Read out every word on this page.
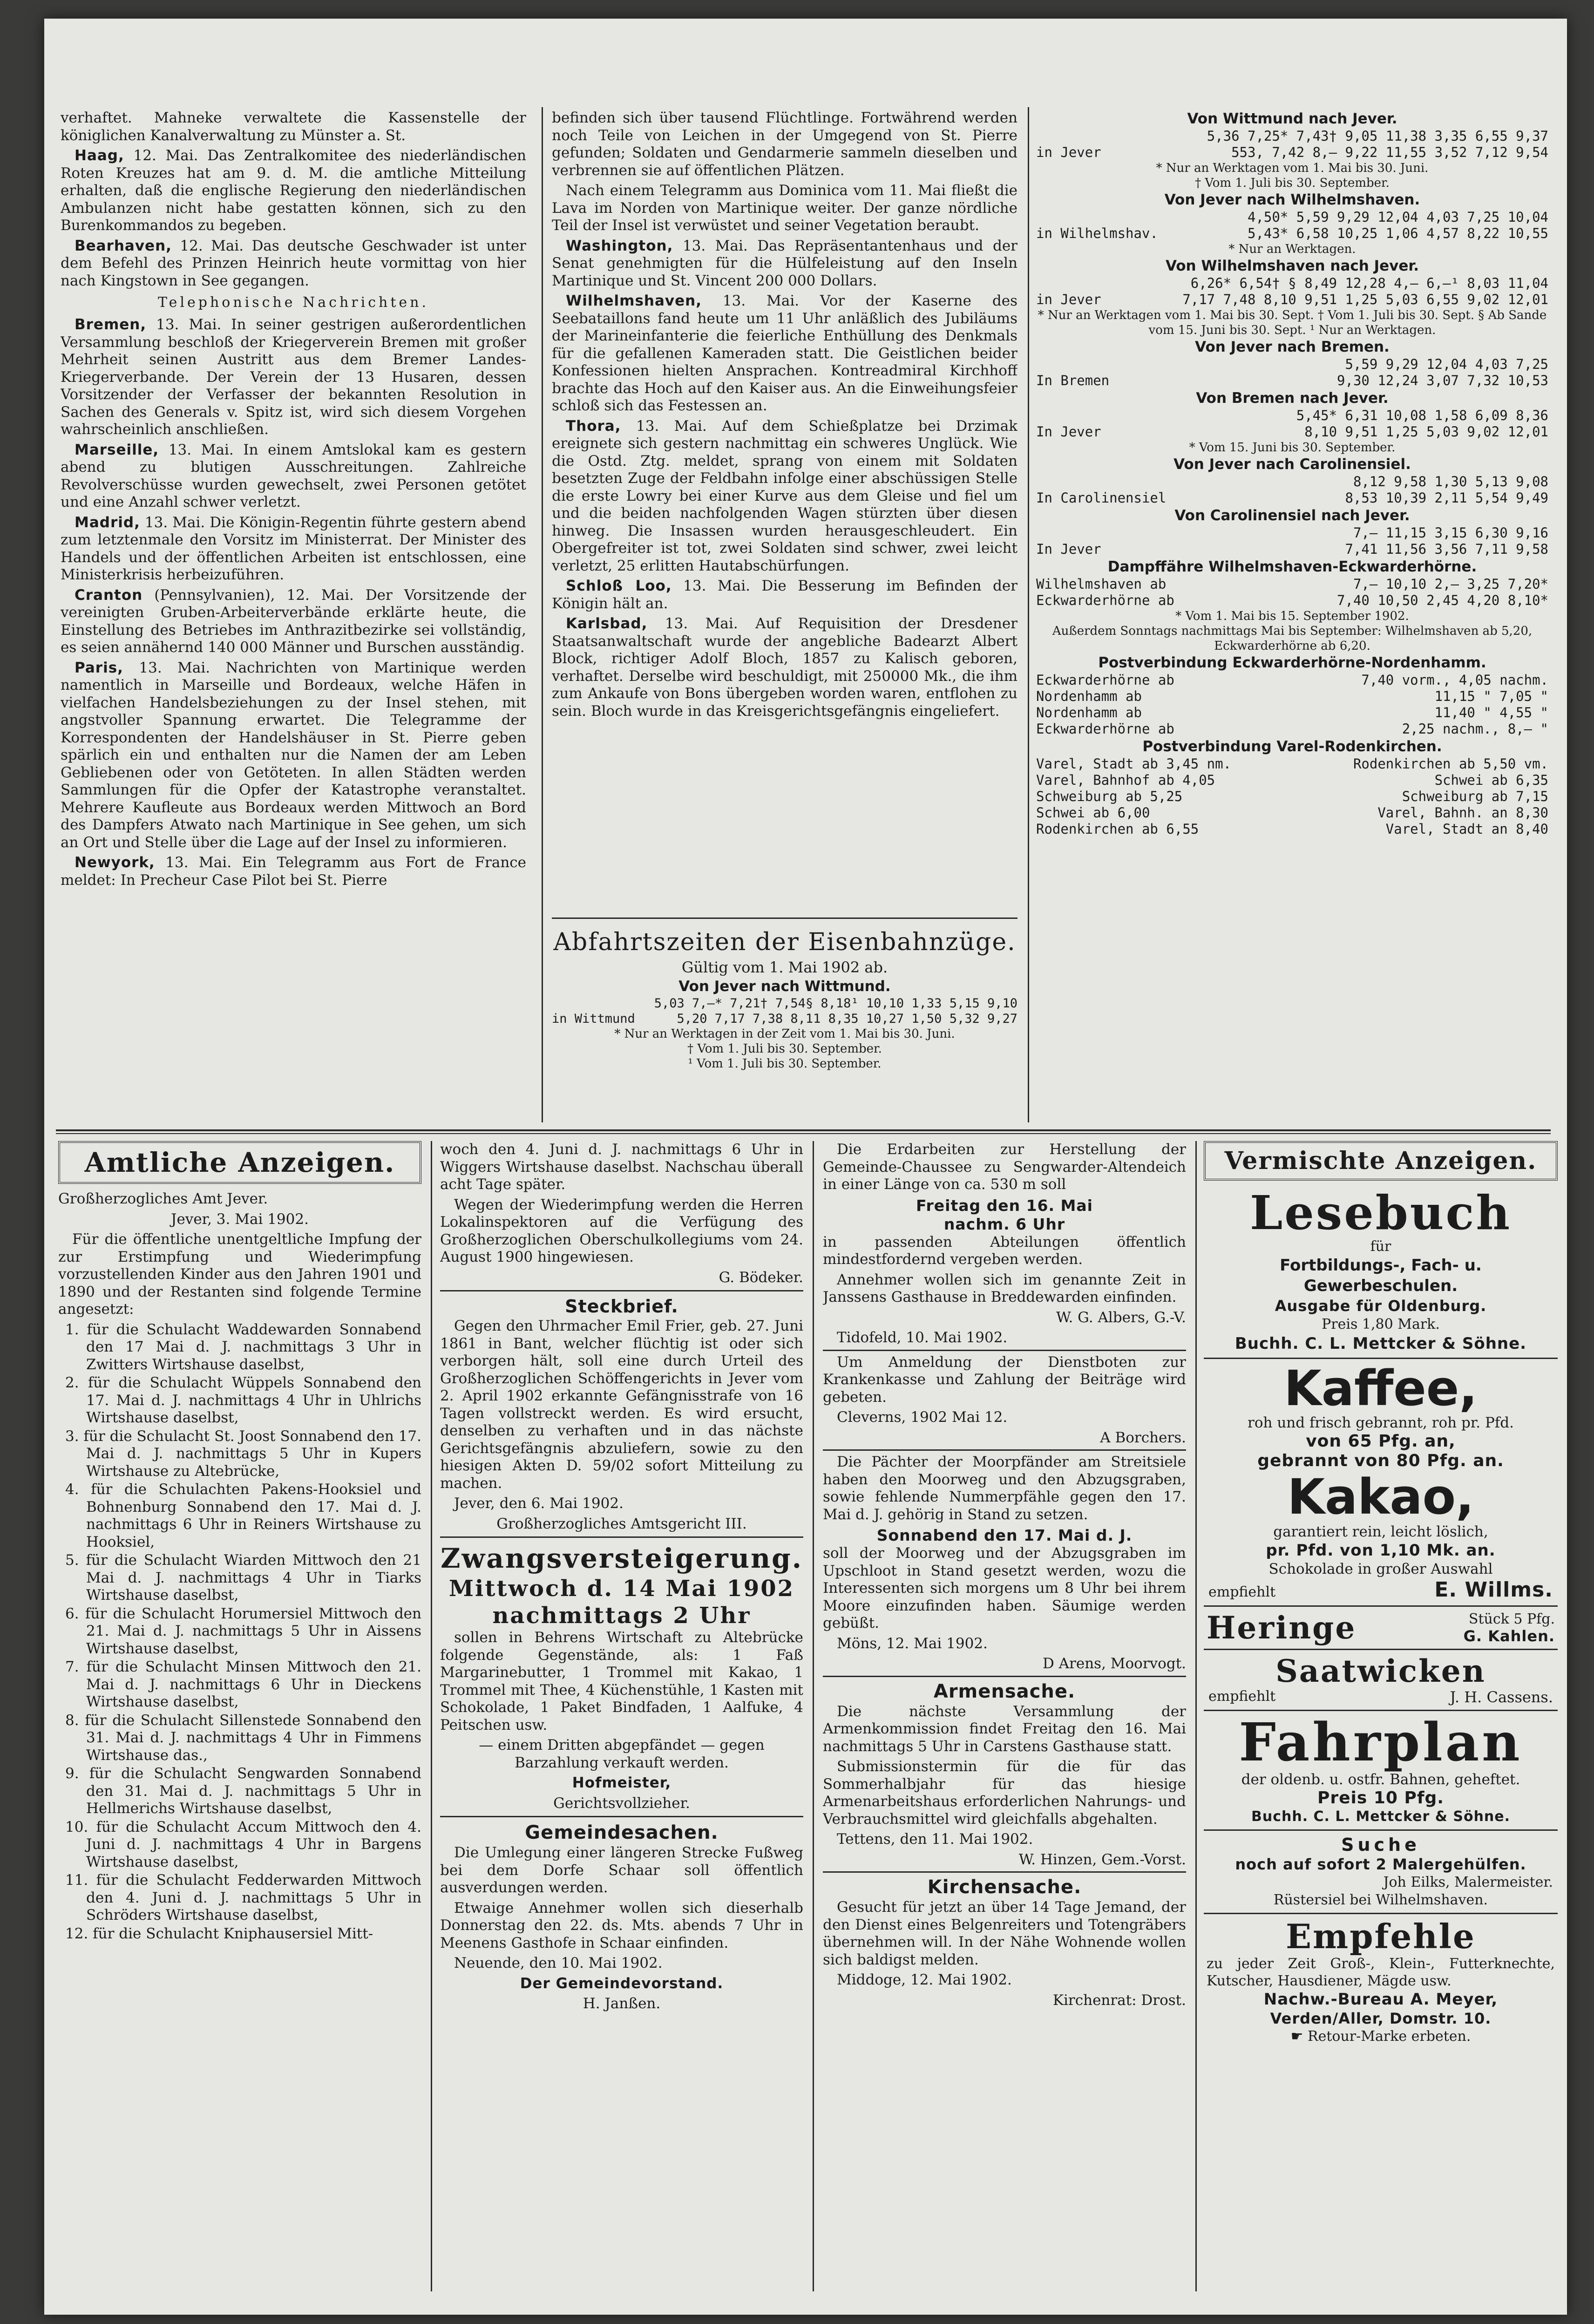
verhaftet. Mahneke verwaltete die Kassenstelle der königlichen Kanalverwaltung zu Münster a. St.

Haag, 12. Mai. Das Zentralkomitee des niederländischen Roten Kreuzes hat am 9. d. M. die amtliche Mitteilung erhalten, daß die englische Regierung den niederländischen Ambulanzen nicht habe gestatten können, sich zu den Burenkommandos zu begeben.

Bearhaven, 12. Mai. Das deutsche Geschwader ist unter dem Befehl des Prinzen Heinrich heute vormittag von hier nach Kingstown in See gegangen.

Telephonische Nachrichten.

Bremen, 13. Mai. In seiner gestrigen außerordentlichen Versammlung beschloß der Kriegerverein Bremen mit großer Mehrheit seinen Austritt aus dem Bremer Landes-Kriegerverbande. Der Verein der 13 Husaren, dessen Vorsitzender der Verfasser der bekannten Resolution in Sachen des Generals v. Spitz ist, wird sich diesem Vorgehen wahrscheinlich anschließen.

Marseille, 13. Mai. In einem Amtslokal kam es gestern abend zu blutigen Ausschreitungen. Zahlreiche Revolverschüsse wurden gewechselt, zwei Personen getötet und eine Anzahl schwer verletzt.

Madrid, 13. Mai. Die Königin-Regentin führte gestern abend zum letztenmale den Vorsitz im Ministerrat. Der Minister des Handels und der öffentlichen Arbeiten ist entschlossen, eine Ministerkrisis herbeizuführen.

Cranton (Pennsylvanien), 12. Mai. Der Vorsitzende der vereinigten Gruben-Arbeiterverbände erklärte heute, die Einstellung des Betriebes im Anthrazitbezirke sei vollständig, es seien annähernd 140 000 Männer und Burschen ausständig.

Paris, 13. Mai. Nachrichten von Martinique werden namentlich in Marseille und Bordeaux, welche Häfen in vielfachen Handelsbeziehungen zu der Insel stehen, mit angstvoller Spannung erwartet. Die Telegramme der Korrespondenten der Handelshäuser in St. Pierre geben spärlich ein und enthalten nur die Namen der am Leben Gebliebenen oder von Getöteten. In allen Städten werden Sammlungen für die Opfer der Katastrophe veranstaltet. Mehrere Kaufleute aus Bordeaux werden Mittwoch an Bord des Dampfers Atwato nach Martinique in See gehen, um sich an Ort und Stelle über die Lage auf der Insel zu informieren.

Newyork, 13. Mai. Ein Telegramm aus Fort de France meldet: In Precheur Case Pilot bei St. Pierre

befinden sich über tausend Flüchtlinge. Fortwährend werden noch Teile von Leichen in der Umgegend von St. Pierre gefunden; Soldaten und Gendarmerie sammeln dieselben und verbrennen sie auf öffentlichen Plätzen.

Nach einem Telegramm aus Dominica vom 11. Mai fließt die Lava im Norden von Martinique weiter. Der ganze nördliche Teil der Insel ist verwüstet und seiner Vegetation beraubt.

Washington, 13. Mai. Das Repräsentantenhaus und der Senat genehmigten für die Hülfeleistung auf den Inseln Martinique und St. Vincent 200 000 Dollars.

Wilhelmshaven, 13. Mai. Vor der Kaserne des Seebataillons fand heute um 11 Uhr anläßlich des Jubiläums der Marineinfanterie die feierliche Enthüllung des Denkmals für die gefallenen Kameraden statt. Die Geistlichen beider Konfessionen hielten Ansprachen. Kontreadmiral Kirchhoff brachte das Hoch auf den Kaiser aus. An die Einweihungsfeier schloß sich das Festessen an.

Thora, 13. Mai. Auf dem Schießplatze bei Drzimak ereignete sich gestern nachmittag ein schweres Unglück. Wie die Ostd. Ztg. meldet, sprang von einem mit Soldaten besetzten Zuge der Feldbahn infolge einer abschüssigen Stelle die erste Lowry bei einer Kurve aus dem Gleise und fiel um und die beiden nachfolgenden Wagen stürzten über diesen hinweg. Die Insassen wurden herausgeschleudert. Ein Obergefreiter ist tot, zwei Soldaten sind schwer, zwei leicht verletzt, 25 erlitten Hautabschürfungen.

Schloß Loo, 13. Mai. Die Besserung im Befinden der Königin hält an.

Karlsbad, 13. Mai. Auf Requisition der Dresdener Staatsanwaltschaft wurde der angebliche Badearzt Albert Block, richtiger Adolf Bloch, 1857 zu Kalisch geboren, verhaftet. Derselbe wird beschuldigt, mit 250000 Mk., die ihm zum Ankaufe von Bons übergeben worden waren, entflohen zu sein. Bloch wurde in das Kreisgerichtsgefängnis eingeliefert.

Abfahrtszeiten der Eisenbahnzüge.
Gültig vom 1. Mai 1902 ab.
Von Jever nach Wittmund.
5,03 7,—* 7,21† 7,54§ 8,18¹ 10,10 1,33 5,15 9,10
in Wittmund	5,20 7,17 7,38 8,11 8,35 10,27 1,50 5,32 9,27
* Nur an Werktagen in der Zeit vom 1. Mai bis 30. Juni.
† Vom 1. Juli bis 30. September.
¹ Vom 1. Juli bis 30. September.
Von Wittmund nach Jever.
5,36 7,25* 7,43† 9,05 11,38 3,35 6,55 9,37
in Jever	553, 7,42 8,— 9,22 11,55 3,52 7,12 9,54
* Nur an Werktagen vom 1. Mai bis 30. Juni.
† Vom 1. Juli bis 30. September.
Von Jever nach Wilhelmshaven.
4,50* 5,59 9,29 12,04 4,03 7,25 10,04
in Wilhelmshav.	5,43* 6,58 10,25 1,06 4,57 8,22 10,55
* Nur an Werktagen.
Von Wilhelmshaven nach Jever.
6,26* 6,54† § 8,49 12,28 4,— 6,—¹ 8,03 11,04
in Jever	7,17 7,48 8,10 9,51 1,25 5,03 6,55 9,02 12,01
* Nur an Werktagen vom 1. Mai bis 30. Sept. † Vom 1. Juli bis 30. Sept. § Ab Sande vom 15. Juni bis 30. Sept. ¹ Nur an Werktagen.
Von Jever nach Bremen.
5,59 9,29 12,04 4,03 7,25
In Bremen	9,30 12,24 3,07 7,32 10,53
Von Bremen nach Jever.
5,45* 6,31 10,08 1,58 6,09 8,36
In Jever	8,10 9,51 1,25 5,03 9,02 12,01
* Vom 15. Juni bis 30. September.
Von Jever nach Carolinensiel.
8,12 9,58 1,30 5,13 9,08
In Carolinensiel	8,53 10,39 2,11 5,54 9,49
Von Carolinensiel nach Jever.
7,— 11,15 3,15 6,30 9,16
In Jever	7,41 11,56 3,56 7,11 9,58
Dampffähre Wilhelmshaven-Eckwarderhörne.
Wilhelmshaven ab	7,— 10,10 2,— 3,25 7,20*
Eckwarderhörne ab	7,40 10,50 2,45 4,20 8,10*
* Vom 1. Mai bis 15. September 1902.
Außerdem Sonntags nachmittags Mai bis September: Wilhelmshaven ab 5,20, Eckwarderhörne ab 6,20.
Postverbindung Eckwarderhörne-Nordenhamm.
Eckwarderhörne ab	7,40 vorm., 4,05 nachm.
Nordenhamm ab	11,15 " 7,05 "
Nordenhamm ab	11,40 " 4,55 "
Eckwarderhörne ab	2,25 nachm., 8,— "
Postverbindung Varel-Rodenkirchen.
Varel, Stadt ab 3,45 nm.	Rodenkirchen ab 5,50 vm.
Varel, Bahnhof ab 4,05	Schwei ab 6,35
Schweiburg ab 5,25	Schweiburg ab 7,15
Schwei ab 6,00	Varel, Bahnh. an 8,30
Rodenkirchen ab 6,55	Varel, Stadt an 8,40
Amtliche Anzeigen.

Großherzogliches Amt Jever.

Jever, 3. Mai 1902.

Für die öffentliche unentgeltliche Impfung der zur Erstimpfung und Wiederimpfung vorzustellenden Kinder aus den Jahren 1901 und 1890 und der Restanten sind folgende Termine angesetzt:

1. für die Schulacht Waddewarden Sonnabend den 17 Mai d. J. nachmittags 3 Uhr in Zwitters Wirtshause daselbst,
2. für die Schulacht Wüppels Sonnabend den 17. Mai d. J. nachmittags 4 Uhr in Uhlrichs Wirtshause daselbst,
3. für die Schulacht St. Joost Sonnabend den 17. Mai d. J. nachmittags 5 Uhr in Kupers Wirtshause zu Altebrücke,
4. für die Schulachten Pakens-Hooksiel und Bohnenburg Sonnabend den 17. Mai d. J. nachmittags 6 Uhr in Reiners Wirtshause zu Hooksiel,
5. für die Schulacht Wiarden Mittwoch den 21 Mai d. J. nachmittags 4 Uhr in Tiarks Wirtshause daselbst,
6. für die Schulacht Horumersiel Mittwoch den 21. Mai d. J. nachmittags 5 Uhr in Aissens Wirtshause daselbst,
7. für die Schulacht Minsen Mittwoch den 21. Mai d. J. nachmittags 6 Uhr in Dieckens Wirtshause daselbst,
8. für die Schulacht Sillenstede Sonnabend den 31. Mai d. J. nachmittags 4 Uhr in Fimmens Wirtshause das.,
9. für die Schulacht Sengwarden Sonnabend den 31. Mai d. J. nachmittags 5 Uhr in Hellmerichs Wirtshause daselbst,
10. für die Schulacht Accum Mittwoch den 4. Juni d. J. nachmittags 4 Uhr in Bargens Wirtshause daselbst,
11. für die Schulacht Fedderwarden Mittwoch den 4. Juni d. J. nachmittags 5 Uhr in Schröders Wirtshause daselbst,
12. für die Schulacht Kniphausersiel Mitt-

woch den 4. Juni d. J. nachmittags 6 Uhr in Wiggers Wirtshause daselbst. Nachschau überall acht Tage später.

Wegen der Wiederimpfung werden die Herren Lokalinspektoren auf die Verfügung des Großherzoglichen Oberschulkollegiums vom 24. August 1900 hingewiesen.

G. Bödeker.

Steckbrief.

Gegen den Uhrmacher Emil Frier, geb. 27. Juni 1861 in Bant, welcher flüchtig ist oder sich verborgen hält, soll eine durch Urteil des Großherzoglichen Schöffengerichts in Jever vom 2. April 1902 erkannte Gefängnisstrafe von 16 Tagen vollstreckt werden. Es wird ersucht, denselben zu verhaften und in das nächste Gerichtsgefängnis abzuliefern, sowie zu den hiesigen Akten D. 59/02 sofort Mitteilung zu machen.

Jever, den 6. Mai 1902.

Großherzogliches Amtsgericht III.

Zwangsversteigerung.
Mittwoch d. 14 Mai 1902
nachmittags 2 Uhr

sollen in Behrens Wirtschaft zu Altebrücke folgende Gegenstände, als: 1 Faß Margarinebutter, 1 Trommel mit Kakao, 1 Trommel mit Thee, 4 Küchenstühle, 1 Kasten mit Schokolade, 1 Paket Bindfaden, 1 Aalfuke, 4 Peitschen usw.

— einem Dritten abgepfändet — gegen Barzahlung verkauft werden.

Hofmeister,

Gerichtsvollzieher.

Gemeindesachen.

Die Umlegung einer längeren Strecke Fußweg bei dem Dorfe Schaar soll öffentlich ausverdungen werden.

Etwaige Annehmer wollen sich dieserhalb Donnerstag den 22. ds. Mts. abends 7 Uhr in Meenens Gasthofe in Schaar einfinden.

Neuende, den 10. Mai 1902.

Der Gemeindevorstand.

H. Janßen.

Die Erdarbeiten zur Herstellung der Gemeinde-Chaussee zu Sengwarder-Altendeich in einer Länge von ca. 530 m soll

Freitag den 16. Mai
nachm. 6 Uhr

in passenden Abteilungen öffentlich mindestfordernd vergeben werden.

Annehmer wollen sich im genannte Zeit in Janssens Gasthause in Breddewarden einfinden.

W. G. Albers, G.-V.

Tidofeld, 10. Mai 1902.

Um Anmeldung der Dienstboten zur Krankenkasse und Zahlung der Beiträge wird gebeten.

Cleverns, 1902 Mai 12.

A Borchers.

Die Pächter der Moorpfänder am Streitsiele haben den Moorweg und den Abzugsgraben, sowie fehlende Nummerpfähle gegen den 17. Mai d. J. gehörig in Stand zu setzen.

Sonnabend den 17. Mai d. J.

soll der Moorweg und der Abzugsgraben im Upschloot in Stand gesetzt werden, wozu die Interessenten sich morgens um 8 Uhr bei ihrem Moore einzufinden haben. Säumige werden gebüßt.

Möns, 12. Mai 1902.

D Arens, Moorvogt.

Armensache.

Die nächste Versammlung der Armenkommission findet Freitag den 16. Mai nachmittags 5 Uhr in Carstens Gasthause statt.

Submissionstermin für die für das Sommerhalbjahr für das hiesige Armenarbeitshaus erforderlichen Nahrungs- und Verbrauchsmittel wird gleichfalls abgehalten.

Tettens, den 11. Mai 1902.

W. Hinzen, Gem.-Vorst.

Kirchensache.

Gesucht für jetzt an über 14 Tage Jemand, der den Dienst eines Belgenreiters und Totengräbers übernehmen will. In der Nähe Wohnende wollen sich baldigst melden.

Middoge, 12. Mai 1902.

Kirchenrat: Drost.

Vermischte Anzeigen.
Lesebuch
für
Fortbildungs-, Fach- u. Gewerbeschulen.
Ausgabe für Oldenburg.
Preis 1,80 Mark.
Buchh. C. L. Mettcker & Söhne.
Kaffee,
roh und frisch gebrannt, roh pr. Pfd.
von 65 Pfg. an,
gebrannt von 80 Pfg. an.
Kakao,
garantiert rein, leicht löslich,
pr. Pfd. von 1,10 Mk. an.
Schokolade in großer Auswahl
empfiehlt	E. Willms.
Heringe	Stück 5 Pfg.
G. Kahlen.
Saatwicken
empfiehlt	J. H. Cassens.
Fahrplan
der oldenb. u. ostfr. Bahnen, geheftet.
Preis 10 Pfg.
Buchh. C. L. Mettcker & Söhne.
Suche
noch auf sofort 2 Malergehülfen.
Joh Eilks, Malermeister.
Rüstersiel bei Wilhelmshaven.
Empfehle
zu jeder Zeit Groß-, Klein-, Futterknechte, Kutscher, Hausdiener, Mägde usw.
Nachw.-Bureau A. Meyer,
Verden/Aller, Domstr. 10.
☛ Retour-Marke erbeten.
